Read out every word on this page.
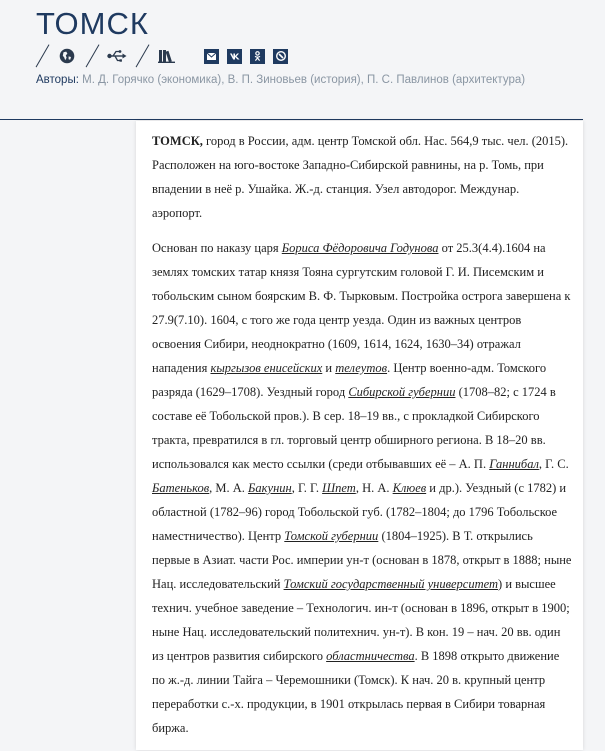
ТОМСК
Авторы: М. Д. Горячко (экономика), В. П. Зиновьев (история), П. С. Павлинов (архитектура)

ТОМСК, город в России, адм. центр Томской обл. Нас. 564,9 тыс. чел. (2015). Расположен на юго-востоке Западно-Сибирской равнины, на р. Томь, при впадении в неё р. Ушайка. Ж.-д. станция. Узел автодорог. Междунар. аэропорт.

Основан по наказу царя Бориса Фёдоровича Годунова от 25.3(4.4).1604 на землях томских татар князя Тояна сургутским головой Г. И. Писемским и тобольским сыном боярским В. Ф. Тырковым. Постройка острога завершена к 27.9(7.10). 1604, с того же года центр уезда. Один из важных центров освоения Сибири, неоднократно (1609, 1614, 1624, 1630–34) отражал нападения кыргызов енисейских и телеутов. Центр военно-адм. Томского разряда (1629–1708). Уездный город Сибирской губернии (1708–82; с 1724 в составе её Тобольской пров.). В сер. 18–19 вв., с прокладкой Сибирского тракта, превратился в гл. торговый центр обширного региона. В 18–20 вв. использовался как место ссылки (среди отбывавших её – А. П. Ганнибал, Г. С. Батеньков, М. А. Бакунин, Г. Г. Шпет, Н. А. Клюев и др.). Уездный (с 1782) и областной (1782–96) город Тобольской губ. (1782–1804; до 1796 Тобольское наместничество). Центр Томской губернии (1804–1925). В Т. открылись первые в Азиат. части Рос. империи ун-т (основан в 1878, открыт в 1888; ныне Нац. исследовательский Томский государственный университет) и высшее технич. учебное заведение – Технологич. ин-т (основан в 1896, открыт в 1900; ныне Нац. исследовательский политехнич. ун-т). В кон. 19 – нач. 20 вв. один из центров развития сибирского областничества. В 1898 открыто движение по ж.-д. линии Тайга – Черемошники (Томск). К нач. 20 в. крупный центр переработки с.-х. продукции, в 1901 открылась первая в Сибири товарная биржа.
